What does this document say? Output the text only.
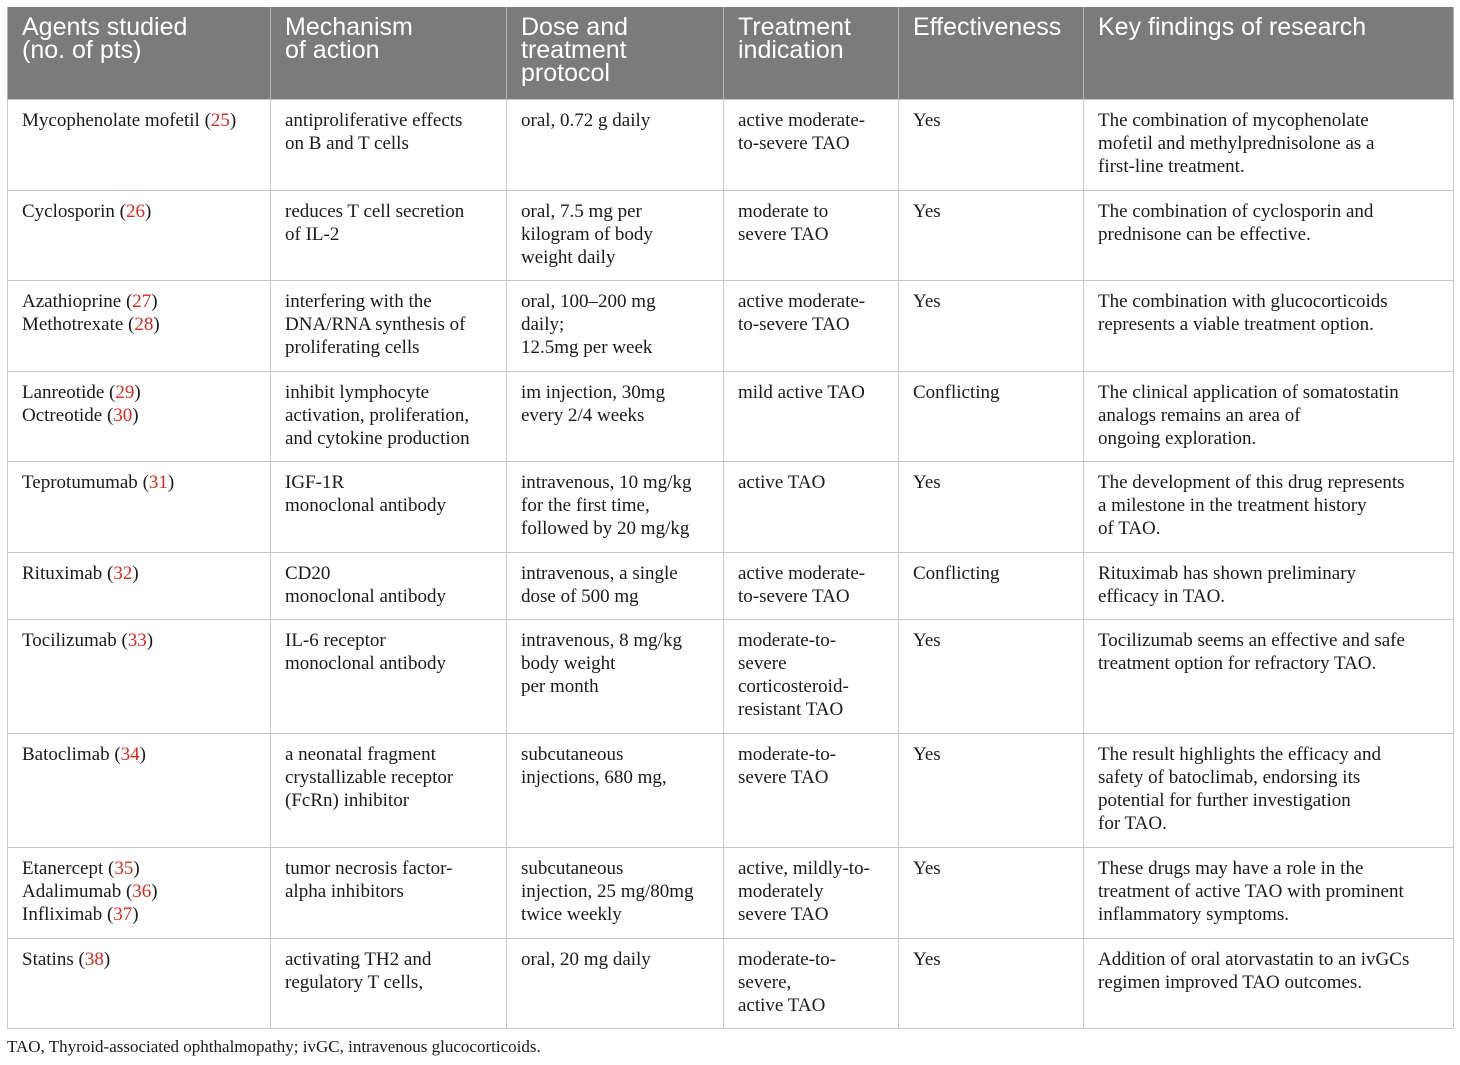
Agents studied
(no. of pts)	Mechanism
of action	Dose and
treatment
protocol	Treatment
indication	Effectiveness	Key findings of research

Mycophenolate mofetil (25)	antiproliferative effects
on B and T cells	oral, 0.72 g daily	active moderate-
to-severe TAO	Yes	The combination of mycophenolate
mofetil and methylprednisolone as a
first-line treatment.

Cyclosporin (26)	reduces T cell secretion
of IL-2	oral, 7.5 mg per
kilogram of body
weight daily	moderate to
severe TAO	Yes	The combination of cyclosporin and
prednisone can be effective.

Azathioprine (27)
Methotrexate (28)	interfering with the
DNA/RNA synthesis of
proliferating cells	oral, 100–200 mg
daily;
12.5mg per week	active moderate-
to-severe TAO	Yes	The combination with glucocorticoids
represents a viable treatment option.

Lanreotide (29)
Octreotide (30)	inhibit lymphocyte
activation, proliferation,
and cytokine production	im injection, 30mg
every 2/4 weeks	mild active TAO	Conflicting	The clinical application of somatostatin
analogs remains an area of
ongoing exploration.

Teprotumumab (31)	IGF-1R
monoclonal antibody	intravenous, 10 mg/kg
for the first time,
followed by 20 mg/kg	active TAO	Yes	The development of this drug represents
a milestone in the treatment history
of TAO.

Rituximab (32)	CD20
monoclonal antibody	intravenous, a single
dose of 500 mg	active moderate-
to-severe TAO	Conflicting	Rituximab has shown preliminary
efficacy in TAO.

Tocilizumab (33)	IL-6 receptor
monoclonal antibody	intravenous, 8 mg/kg
body weight
per month	moderate-to-
severe
corticosteroid-
resistant TAO	Yes	Tocilizumab seems an effective and safe
treatment option for refractory TAO.

Batoclimab (34)	a neonatal fragment
crystallizable receptor
(FcRn) inhibitor	subcutaneous
injections, 680 mg,	moderate-to-
severe TAO	Yes	The result highlights the efficacy and
safety of batoclimab, endorsing its
potential for further investigation
for TAO.

Etanercept (35)
Adalimumab (36)
Infliximab (37)	tumor necrosis factor-
alpha inhibitors	subcutaneous
injection, 25 mg/80mg
twice weekly	active, mildly-to-
moderately
severe TAO	Yes	These drugs may have a role in the
treatment of active TAO with prominent
inflammatory symptoms.

Statins (38)	activating TH2 and
regulatory T cells,	oral, 20 mg daily	moderate-to-
severe,
active TAO	Yes	Addition of oral atorvastatin to an ivGCs
regimen improved TAO outcomes.

TAO, Thyroid-associated ophthalmopathy; ivGC, intravenous glucocorticoids.
